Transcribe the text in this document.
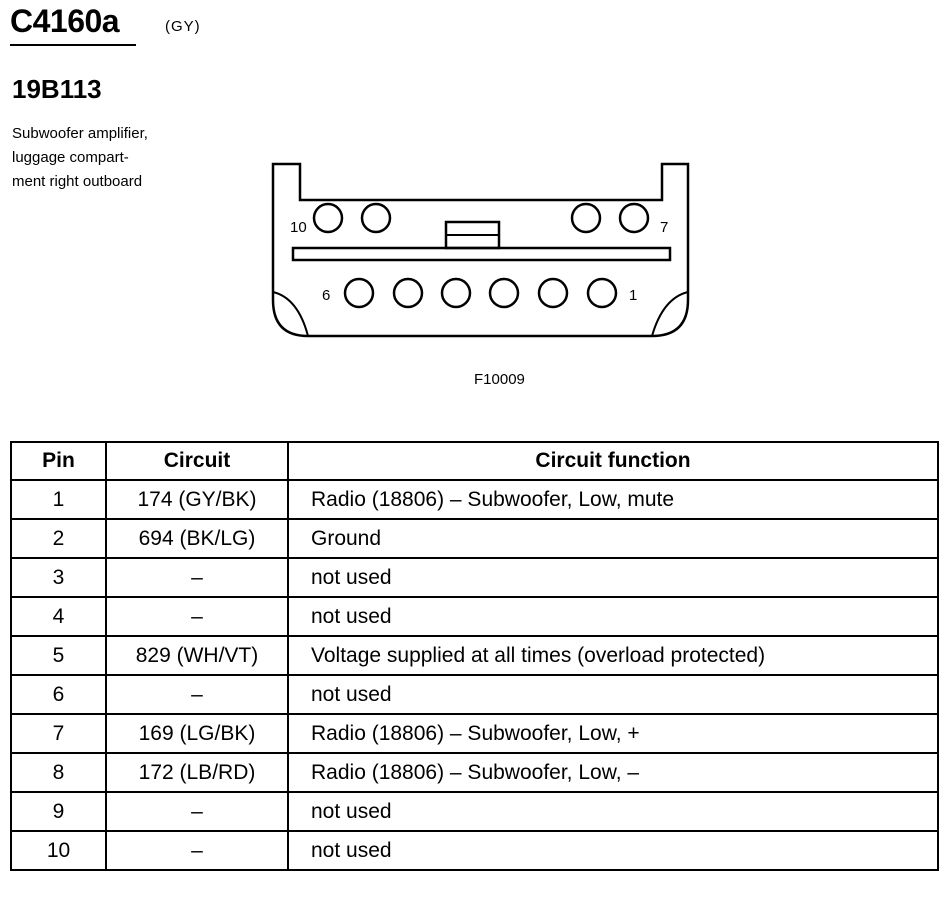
C4160a	(GY)
19B113
Subwoofer amplifier,
luggage compart-
ment right outboard
10	7
6	1
F10009
Pin	Circuit	Circuit function
1	174 (GY/BK)	Radio (18806) – Subwoofer, Low, mute
2	694 (BK/LG)	Ground
3	–	not used
4	–	not used
5	829 (WH/VT)	Voltage supplied at all times (overload protected)
6	–	not used
7	169 (LG/BK)	Radio (18806) – Subwoofer, Low, +
8	172 (LB/RD)	Radio (18806) – Subwoofer, Low, –
9	–	not used
10	–	not used
